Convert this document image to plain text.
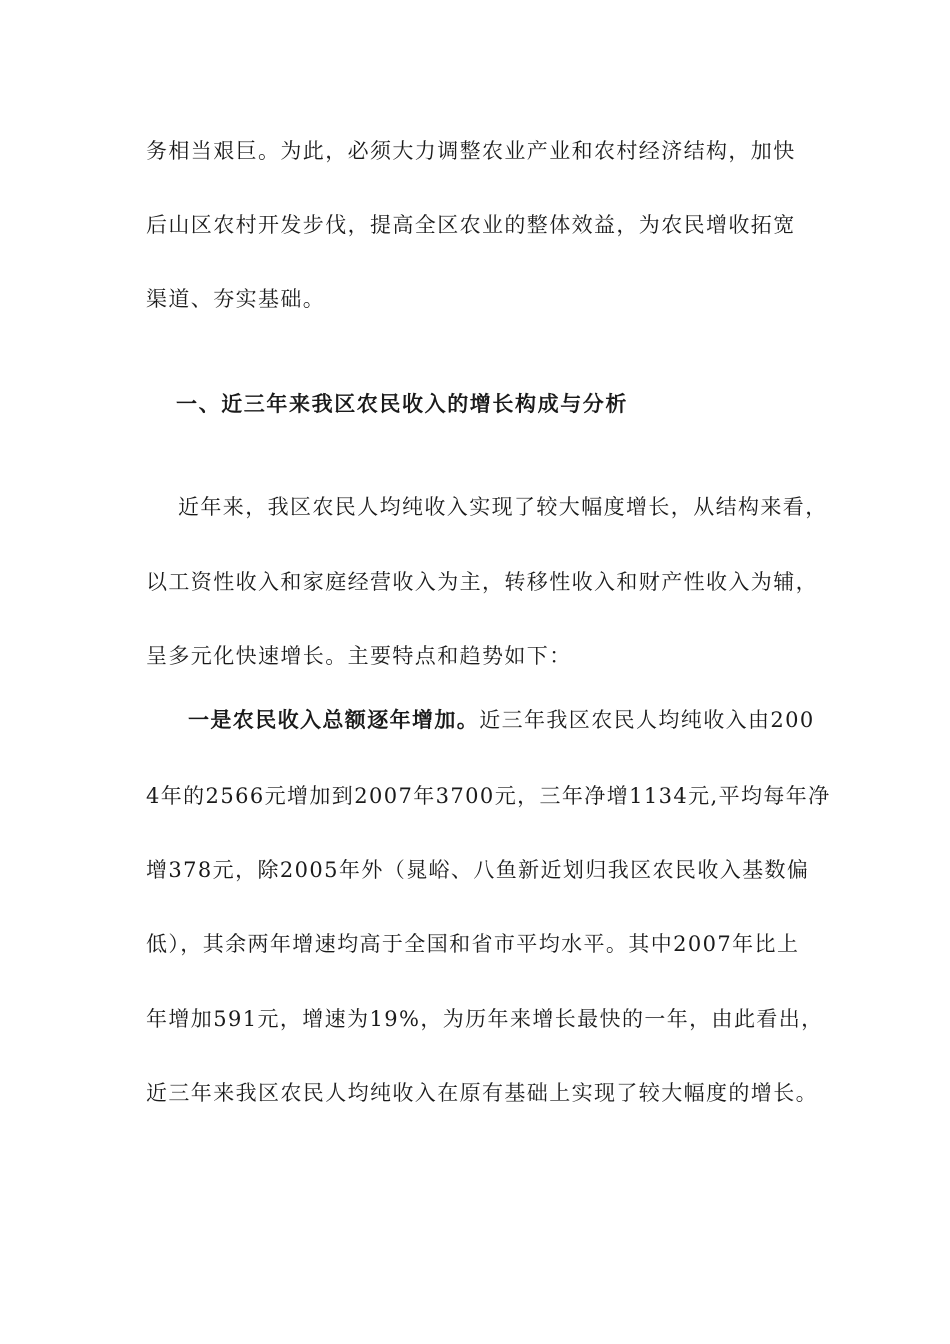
务相当艰巨。为此，必须大力调整农业产业和农村经济结构，加快
后山区农村开发步伐，提高全区农业的整体效益，为农民增收拓宽
渠道、夯实基础。
一、近三年来我区农民收入的增长构成与分析
近年来，我区农民人均纯收入实现了较大幅度增长，从结构来看，
以工资性收入和家庭经营收入为主，转移性收入和财产性收入为辅，
呈多元化快速增长。主要特点和趋势如下：
一是农民收入总额逐年增加。近三年我区农民人均纯收入由200
4年的2566元增加到2007年3700元，三年净增1134元,平均每年净
增378元，除2005年外（晁峪、八鱼新近划归我区农民收入基数偏
低），其余两年增速均高于全国和省市平均水平。其中2007年比上
年增加591元，增速为19%，为历年来增长最快的一年，由此看出，
近三年来我区农民人均纯收入在原有基础上实现了较大幅度的增长。
